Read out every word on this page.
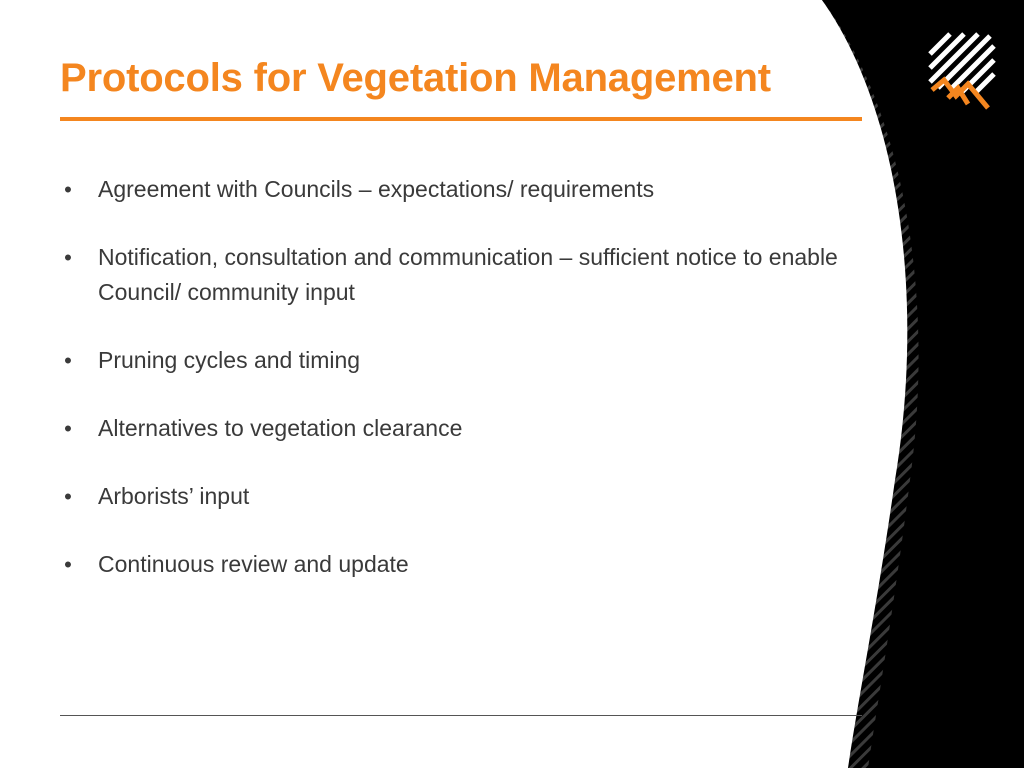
Protocols for Vegetation Management
• Agreement with Councils – expectations/ requirements
• Notification, consultation and communication – sufficient notice to enable Council/ community input
• Pruning cycles and timing
• Alternatives to vegetation clearance
• Arborists’ input
• Continuous review and update
